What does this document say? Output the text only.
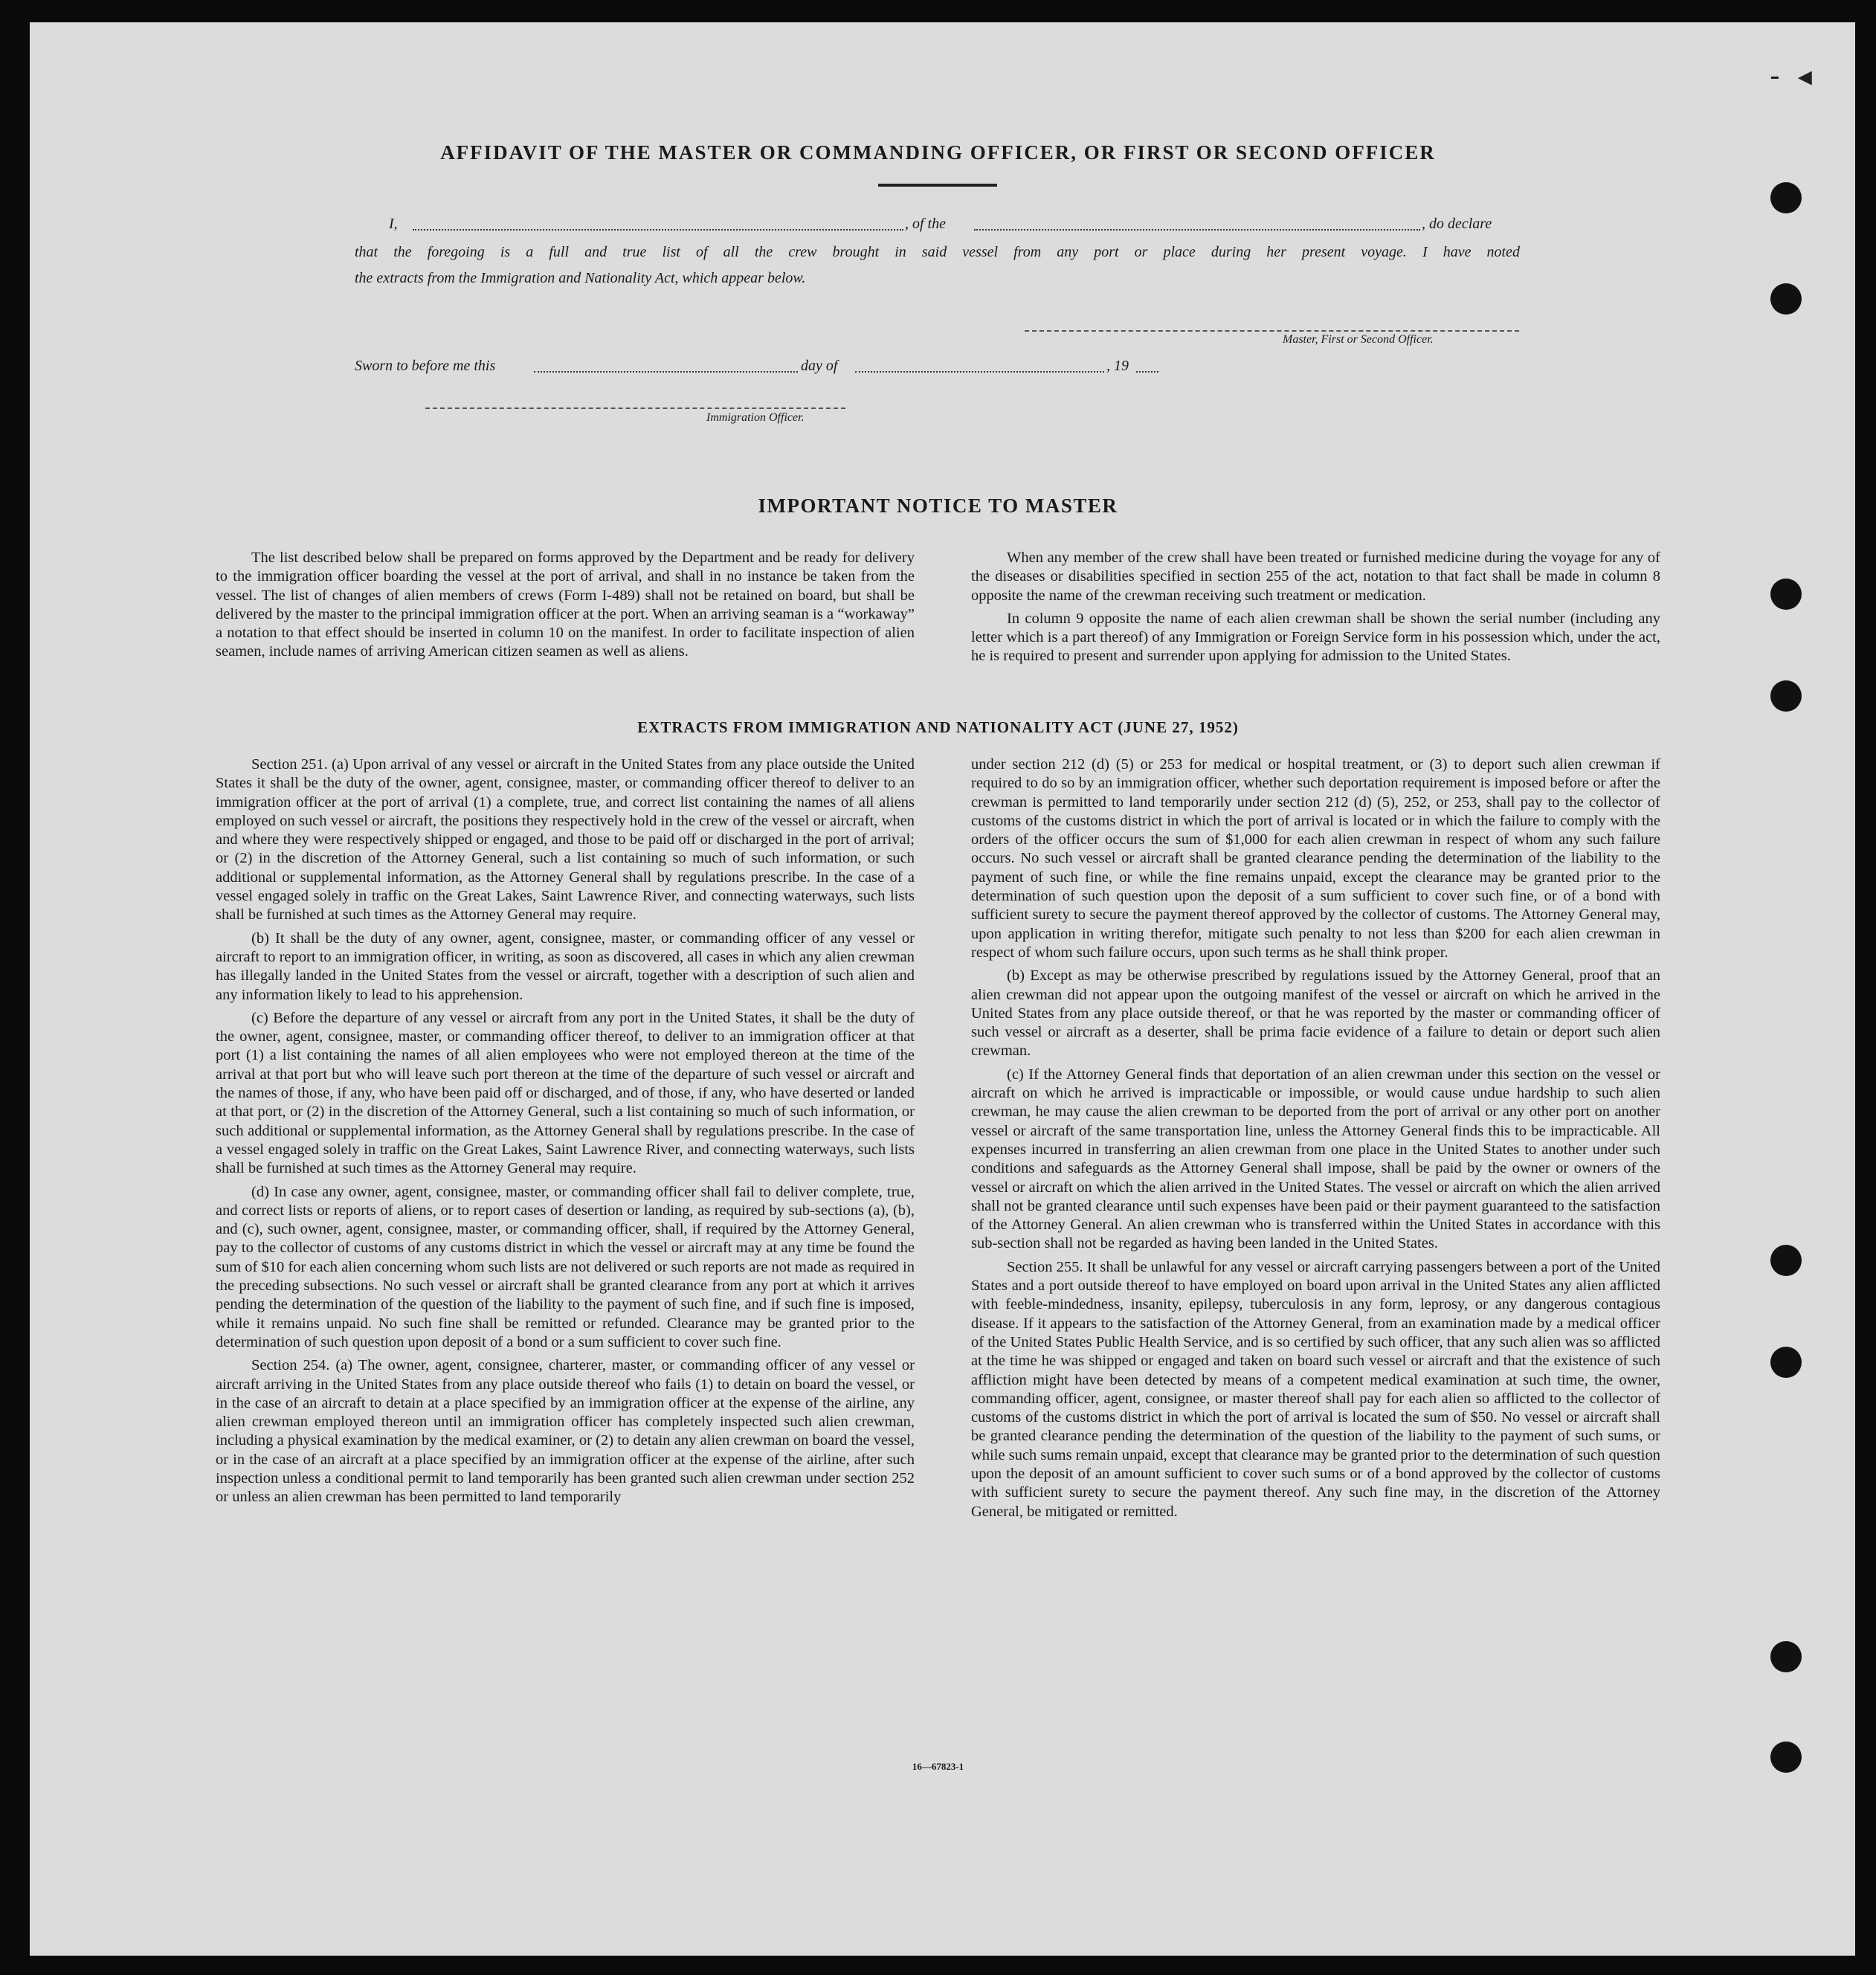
- ◂
AFFIDAVIT OF THE MASTER OR COMMANDING OFFICER, OR FIRST OR SECOND OFFICER
I,	, of the	, do declare
that the foregoing is a full and true list of all the crew brought in said vessel from any port or place during her present voyage. I have noted
the extracts from the Immigration and Nationality Act, which appear below.
Master, First or Second Officer.
Sworn to before me this	day of	, 19
Immigration Officer.
IMPORTANT NOTICE TO MASTER

The list described below shall be prepared on forms approved by the Department and be ready for delivery to the immigration officer boarding the vessel at the port of arrival, and shall in no instance be taken from the vessel. The list of changes of alien members of crews (Form I-489) shall not be retained on board, but shall be delivered by the master to the principal immigration officer at the port. When an arriving seaman is a “workaway” a notation to that effect should be inserted in column 10 on the manifest. In order to facilitate inspection of alien seamen, include names of arriving American citizen seamen as well as aliens.

When any member of the crew shall have been treated or furnished medicine during the voyage for any of the diseases or disabilities specified in section 255 of the act, notation to that fact shall be made in column 8 opposite the name of the crewman receiving such treatment or medication.

In column 9 opposite the name of each alien crewman shall be shown the serial number (including any letter which is a part thereof) of any Immigration or Foreign Service form in his possession which, under the act, he is required to present and surrender upon applying for admission to the United States.

EXTRACTS FROM IMMIGRATION AND NATIONALITY ACT (JUNE 27, 1952)

Section 251. (a) Upon arrival of any vessel or aircraft in the United States from any place outside the United States it shall be the duty of the owner, agent, consignee, master, or commanding officer thereof to deliver to an immigration officer at the port of arrival (1) a complete, true, and correct list containing the names of all aliens employed on such vessel or aircraft, the positions they respectively hold in the crew of the vessel or aircraft, when and where they were respectively shipped or engaged, and those to be paid off or discharged in the port of arrival; or (2) in the discretion of the Attorney General, such a list containing so much of such information, or such additional or supplemental information, as the Attorney General shall by regulations prescribe. In the case of a vessel engaged solely in traffic on the Great Lakes, Saint Lawrence River, and connecting waterways, such lists shall be furnished at such times as the Attorney General may require.

(b) It shall be the duty of any owner, agent, consignee, master, or commanding officer of any vessel or aircraft to report to an immigration officer, in writing, as soon as discovered, all cases in which any alien crewman has illegally landed in the United States from the vessel or aircraft, together with a description of such alien and any information likely to lead to his apprehension.

(c) Before the departure of any vessel or aircraft from any port in the United States, it shall be the duty of the owner, agent, consignee, master, or commanding officer thereof, to deliver to an immigration officer at that port (1) a list containing the names of all alien employees who were not employed thereon at the time of the arrival at that port but who will leave such port thereon at the time of the departure of such vessel or aircraft and the names of those, if any, who have been paid off or discharged, and of those, if any, who have deserted or landed at that port, or (2) in the discretion of the Attorney General, such a list containing so much of such information, or such additional or supplemental information, as the Attorney General shall by regulations prescribe. In the case of a vessel engaged solely in traffic on the Great Lakes, Saint Lawrence River, and connecting waterways, such lists shall be furnished at such times as the Attorney General may require.

(d) In case any owner, agent, consignee, master, or commanding officer shall fail to deliver complete, true, and correct lists or reports of aliens, or to report cases of desertion or landing, as required by sub-sections (a), (b), and (c), such owner, agent, consignee, master, or commanding officer, shall, if required by the Attorney General, pay to the collector of customs of any customs district in which the vessel or aircraft may at any time be found the sum of $10 for each alien concerning whom such lists are not delivered or such reports are not made as required in the preceding subsections. No such vessel or aircraft shall be granted clearance from any port at which it arrives pending the determination of the question of the liability to the payment of such fine, and if such fine is imposed, while it remains unpaid. No such fine shall be remitted or refunded. Clearance may be granted prior to the determination of such question upon deposit of a bond or a sum sufficient to cover such fine.

Section 254. (a) The owner, agent, consignee, charterer, master, or commanding officer of any vessel or aircraft arriving in the United States from any place outside thereof who fails (1) to detain on board the vessel, or in the case of an aircraft to detain at a place specified by an immigration officer at the expense of the airline, any alien crewman employed thereon until an immigration officer has completely inspected such alien crewman, including a physical examination by the medical examiner, or (2) to detain any alien crewman on board the vessel, or in the case of an aircraft at a place specified by an immigration officer at the expense of the airline, after such inspection unless a conditional permit to land temporarily has been granted such alien crewman under section 252 or unless an alien crewman has been permitted to land temporarily

under section 212 (d) (5) or 253 for medical or hospital treatment, or (3) to deport such alien crewman if required to do so by an immigration officer, whether such deportation requirement is imposed before or after the crewman is permitted to land temporarily under section 212 (d) (5), 252, or 253, shall pay to the collector of customs of the customs district in which the port of arrival is located or in which the failure to comply with the orders of the officer occurs the sum of $1,000 for each alien crewman in respect of whom any such failure occurs. No such vessel or aircraft shall be granted clearance pending the determination of the liability to the payment of such fine, or while the fine remains unpaid, except the clearance may be granted prior to the determination of such question upon the deposit of a sum sufficient to cover such fine, or of a bond with sufficient surety to secure the payment thereof approved by the collector of customs. The Attorney General may, upon application in writing therefor, mitigate such penalty to not less than $200 for each alien crewman in respect of whom such failure occurs, upon such terms as he shall think proper.

(b) Except as may be otherwise prescribed by regulations issued by the Attorney General, proof that an alien crewman did not appear upon the outgoing manifest of the vessel or aircraft on which he arrived in the United States from any place outside thereof, or that he was reported by the master or commanding officer of such vessel or aircraft as a deserter, shall be prima facie evidence of a failure to detain or deport such alien crewman.

(c) If the Attorney General finds that deportation of an alien crewman under this section on the vessel or aircraft on which he arrived is impracticable or impossible, or would cause undue hardship to such alien crewman, he may cause the alien crewman to be deported from the port of arrival or any other port on another vessel or aircraft of the same transportation line, unless the Attorney General finds this to be impracticable. All expenses incurred in transferring an alien crewman from one place in the United States to another under such conditions and safeguards as the Attorney General shall impose, shall be paid by the owner or owners of the vessel or aircraft on which the alien arrived in the United States. The vessel or aircraft on which the alien arrived shall not be granted clearance until such expenses have been paid or their payment guaranteed to the satisfaction of the Attorney General. An alien crewman who is transferred within the United States in accordance with this sub-section shall not be regarded as having been landed in the United States.

Section 255. It shall be unlawful for any vessel or aircraft carrying passengers between a port of the United States and a port outside thereof to have employed on board upon arrival in the United States any alien afflicted with feeble-mindedness, insanity, epilepsy, tuberculosis in any form, leprosy, or any dangerous contagious disease. If it appears to the satisfaction of the Attorney General, from an examination made by a medical officer of the United States Public Health Service, and is so certified by such officer, that any such alien was so afflicted at the time he was shipped or engaged and taken on board such vessel or aircraft and that the existence of such affliction might have been detected by means of a competent medical examination at such time, the owner, commanding officer, agent, consignee, or master thereof shall pay for each alien so afflicted to the collector of customs of the customs district in which the port of arrival is located the sum of $50. No vessel or aircraft shall be granted clearance pending the determination of the question of the liability to the payment of such sums, or while such sums remain unpaid, except that clearance may be granted prior to the determination of such question upon the deposit of an amount sufficient to cover such sums or of a bond approved by the collector of customs with sufficient surety to secure the payment thereof. Any such fine may, in the discretion of the Attorney General, be mitigated or remitted.

16—67823-1
